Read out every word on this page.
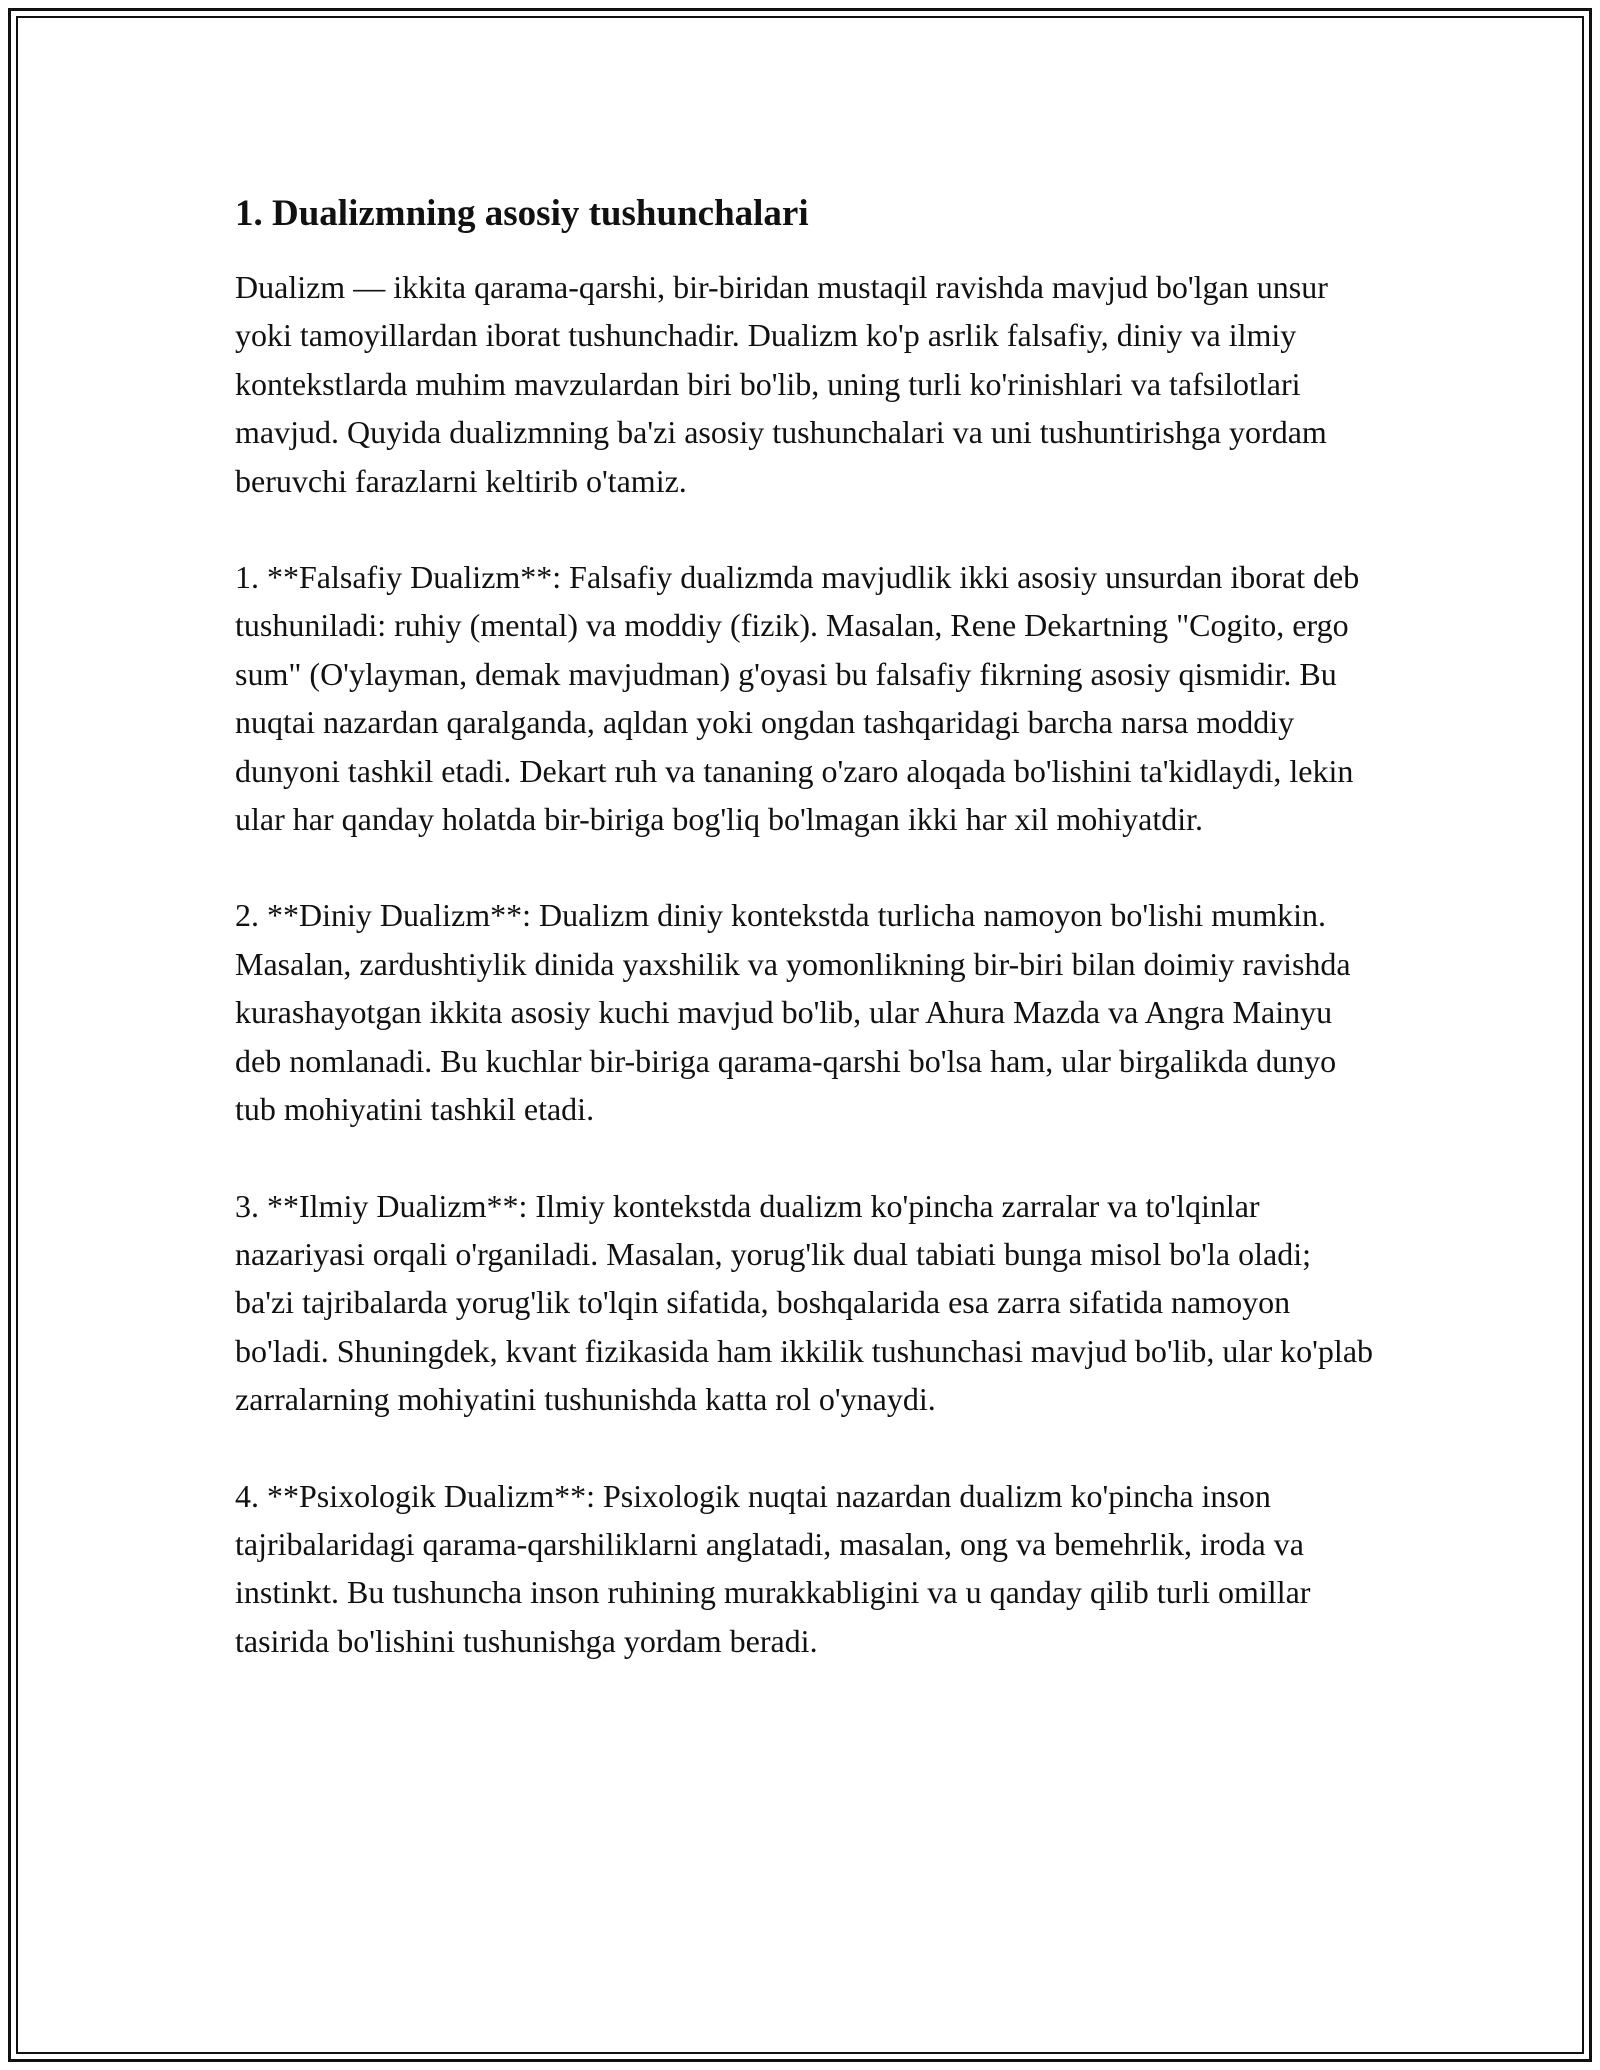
1. Dualizmning asosiy tushunchalari

Dualizm — ikkita qarama-qarshi, bir-biridan mustaqil ravishda mavjud bo'lgan unsur yoki tamoyillardan iborat tushunchadir. Dualizm ko'p asrlik falsafiy, diniy va ilmiy kontekstlarda muhim mavzulardan biri bo'lib, uning turli ko'rinishlari va tafsilotlari mavjud. Quyida dualizmning ba'zi asosiy tushunchalari va uni tushuntirishga yordam beruvchi farazlarni keltirib o'tamiz.

1. **Falsafiy Dualizm**: Falsafiy dualizmda mavjudlik ikki asosiy unsurdan iborat deb tushuniladi: ruhiy (mental) va moddiy (fizik). Masalan, Rene Dekartning "Cogito, ergo sum" (O'ylayman, demak mavjudman) g'oyasi bu falsafiy fikrning asosiy qismidir. Bu nuqtai nazardan qaralganda, aqldan yoki ongdan tashqaridagi barcha narsa moddiy dunyoni tashkil etadi. Dekart ruh va tananing o'zaro aloqada bo'lishini ta'kidlaydi, lekin ular har qanday holatda bir-biriga bog'liq bo'lmagan ikki har xil mohiyatdir.

2. **Diniy Dualizm**: Dualizm diniy kontekstda turlicha namoyon bo'lishi mumkin. Masalan, zardushtiylik dinida yaxshilik va yomonlikning bir-biri bilan doimiy ravishda kurashayotgan ikkita asosiy kuchi mavjud bo'lib, ular Ahura Mazda va Angra Mainyu deb nomlanadi. Bu kuchlar bir-biriga qarama-qarshi bo'lsa ham, ular birgalikda dunyo tub mohiyatini tashkil etadi.

3. **Ilmiy Dualizm**: Ilmiy kontekstda dualizm ko'pincha zarralar va to'lqinlar nazariyasi orqali o'rganiladi. Masalan, yorug'lik dual tabiati bunga misol bo'la oladi; ba'zi tajribalarda yorug'lik to'lqin sifatida, boshqalarida esa zarra sifatida namoyon bo'ladi. Shuningdek, kvant fizikasida ham ikkilik tushunchasi mavjud bo'lib, ular ko'plab zarralarning mohiyatini tushunishda katta rol o'ynaydi.

4. **Psixologik Dualizm**: Psixologik nuqtai nazardan dualizm ko'pincha inson tajribalaridagi qarama-qarshiliklarni anglatadi, masalan, ong va bemehrlik, iroda va instinkt. Bu tushuncha inson ruhining murakkabligini va u qanday qilib turli omillar tasirida bo'lishini tushunishga yordam beradi.
